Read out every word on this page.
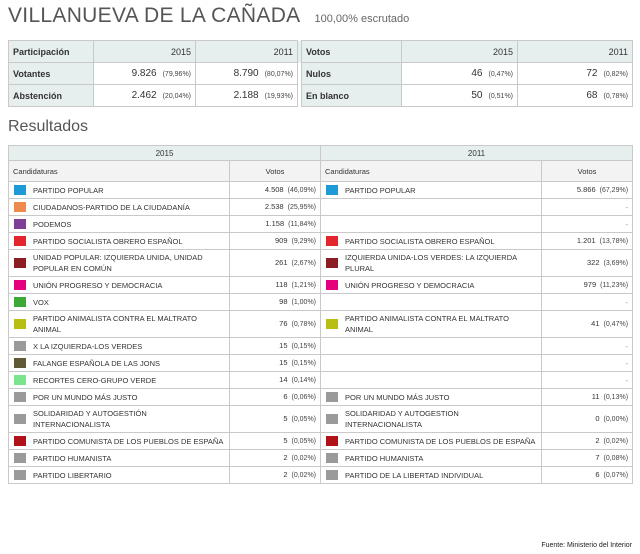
VILLANUEVA DE LA CAÑADA 100,00% escrutado
Participación	2015	2011		Votos	2015	2011
Votantes	9.826 (79,96%)	8.790 (80,07%)		Nulos	46 (0,47%)	72 (0,82%)
Abstención	2.462 (20,04%)	2.188 (19,93%)		En blanco	50 (0,51%)	68 (0,78%)
Resultados
2015		2011	
Candidaturas	Votos	Candidaturas	Votos

PARTIDO POPULAR	4.508 (46,09%)	PARTIDO POPULAR	5.866 (67,29%)

CIUDADANOS-PARTIDO DE LA CIUDADANÍA	2.538 (25,95%)		-

PODEMOS	1.158 (11,84%)		-

PARTIDO SOCIALISTA OBRERO ESPAÑOL	909 (9,29%)	PARTIDO SOCIALISTA OBRERO ESPAÑOL	1.201 (13,78%)

UNIDAD POPULAR: IZQUIERDA UNIDA, UNIDAD POPULAR EN COMÚN	261 (2,67%)	IZQUIERDA UNIDA-LOS VERDES: LA IZQUIERDA PLURAL	322 (3,69%)

UNIÓN PROGRESO Y DEMOCRACIA	118 (1,21%)	UNIÓN PROGRESO Y DEMOCRACIA	979 (11,23%)

VOX	98 (1,00%)		-

PARTIDO ANIMALISTA CONTRA EL MALTRATO ANIMAL	76 (0,78%)	PARTIDO ANIMALISTA CONTRA EL MALTRATO ANIMAL	41 (0,47%)

X LA IZQUIERDA-LOS VERDES	15 (0,15%)		-

FALANGE ESPAÑOLA DE LAS JONS	15 (0,15%)		-

RECORTES CERO-GRUPO VERDE	14 (0,14%)		-

POR UN MUNDO MÁS JUSTO	6 (0,06%)	POR UN MUNDO MÁS JUSTO	11 (0,13%)

SOLIDARIDAD Y AUTOGESTIÓN INTERNACIONALISTA	5 (0,05%)	SOLIDARIDAD Y AUTOGESTION INTERNACIONALISTA	0 (0,00%)

PARTIDO COMUNISTA DE LOS PUEBLOS DE ESPAÑA	5 (0,05%)	PARTIDO COMUNISTA DE LOS PUEBLOS DE ESPAÑA	2 (0,02%)

PARTIDO HUMANISTA	2 (0,02%)	PARTIDO HUMANISTA	7 (0,08%)

PARTIDO LIBERTARIO	2 (0,02%)	PARTIDO DE LA LIBERTAD INDIVIDUAL	6 (0,07%)
Fuente: Ministerio del Interior
